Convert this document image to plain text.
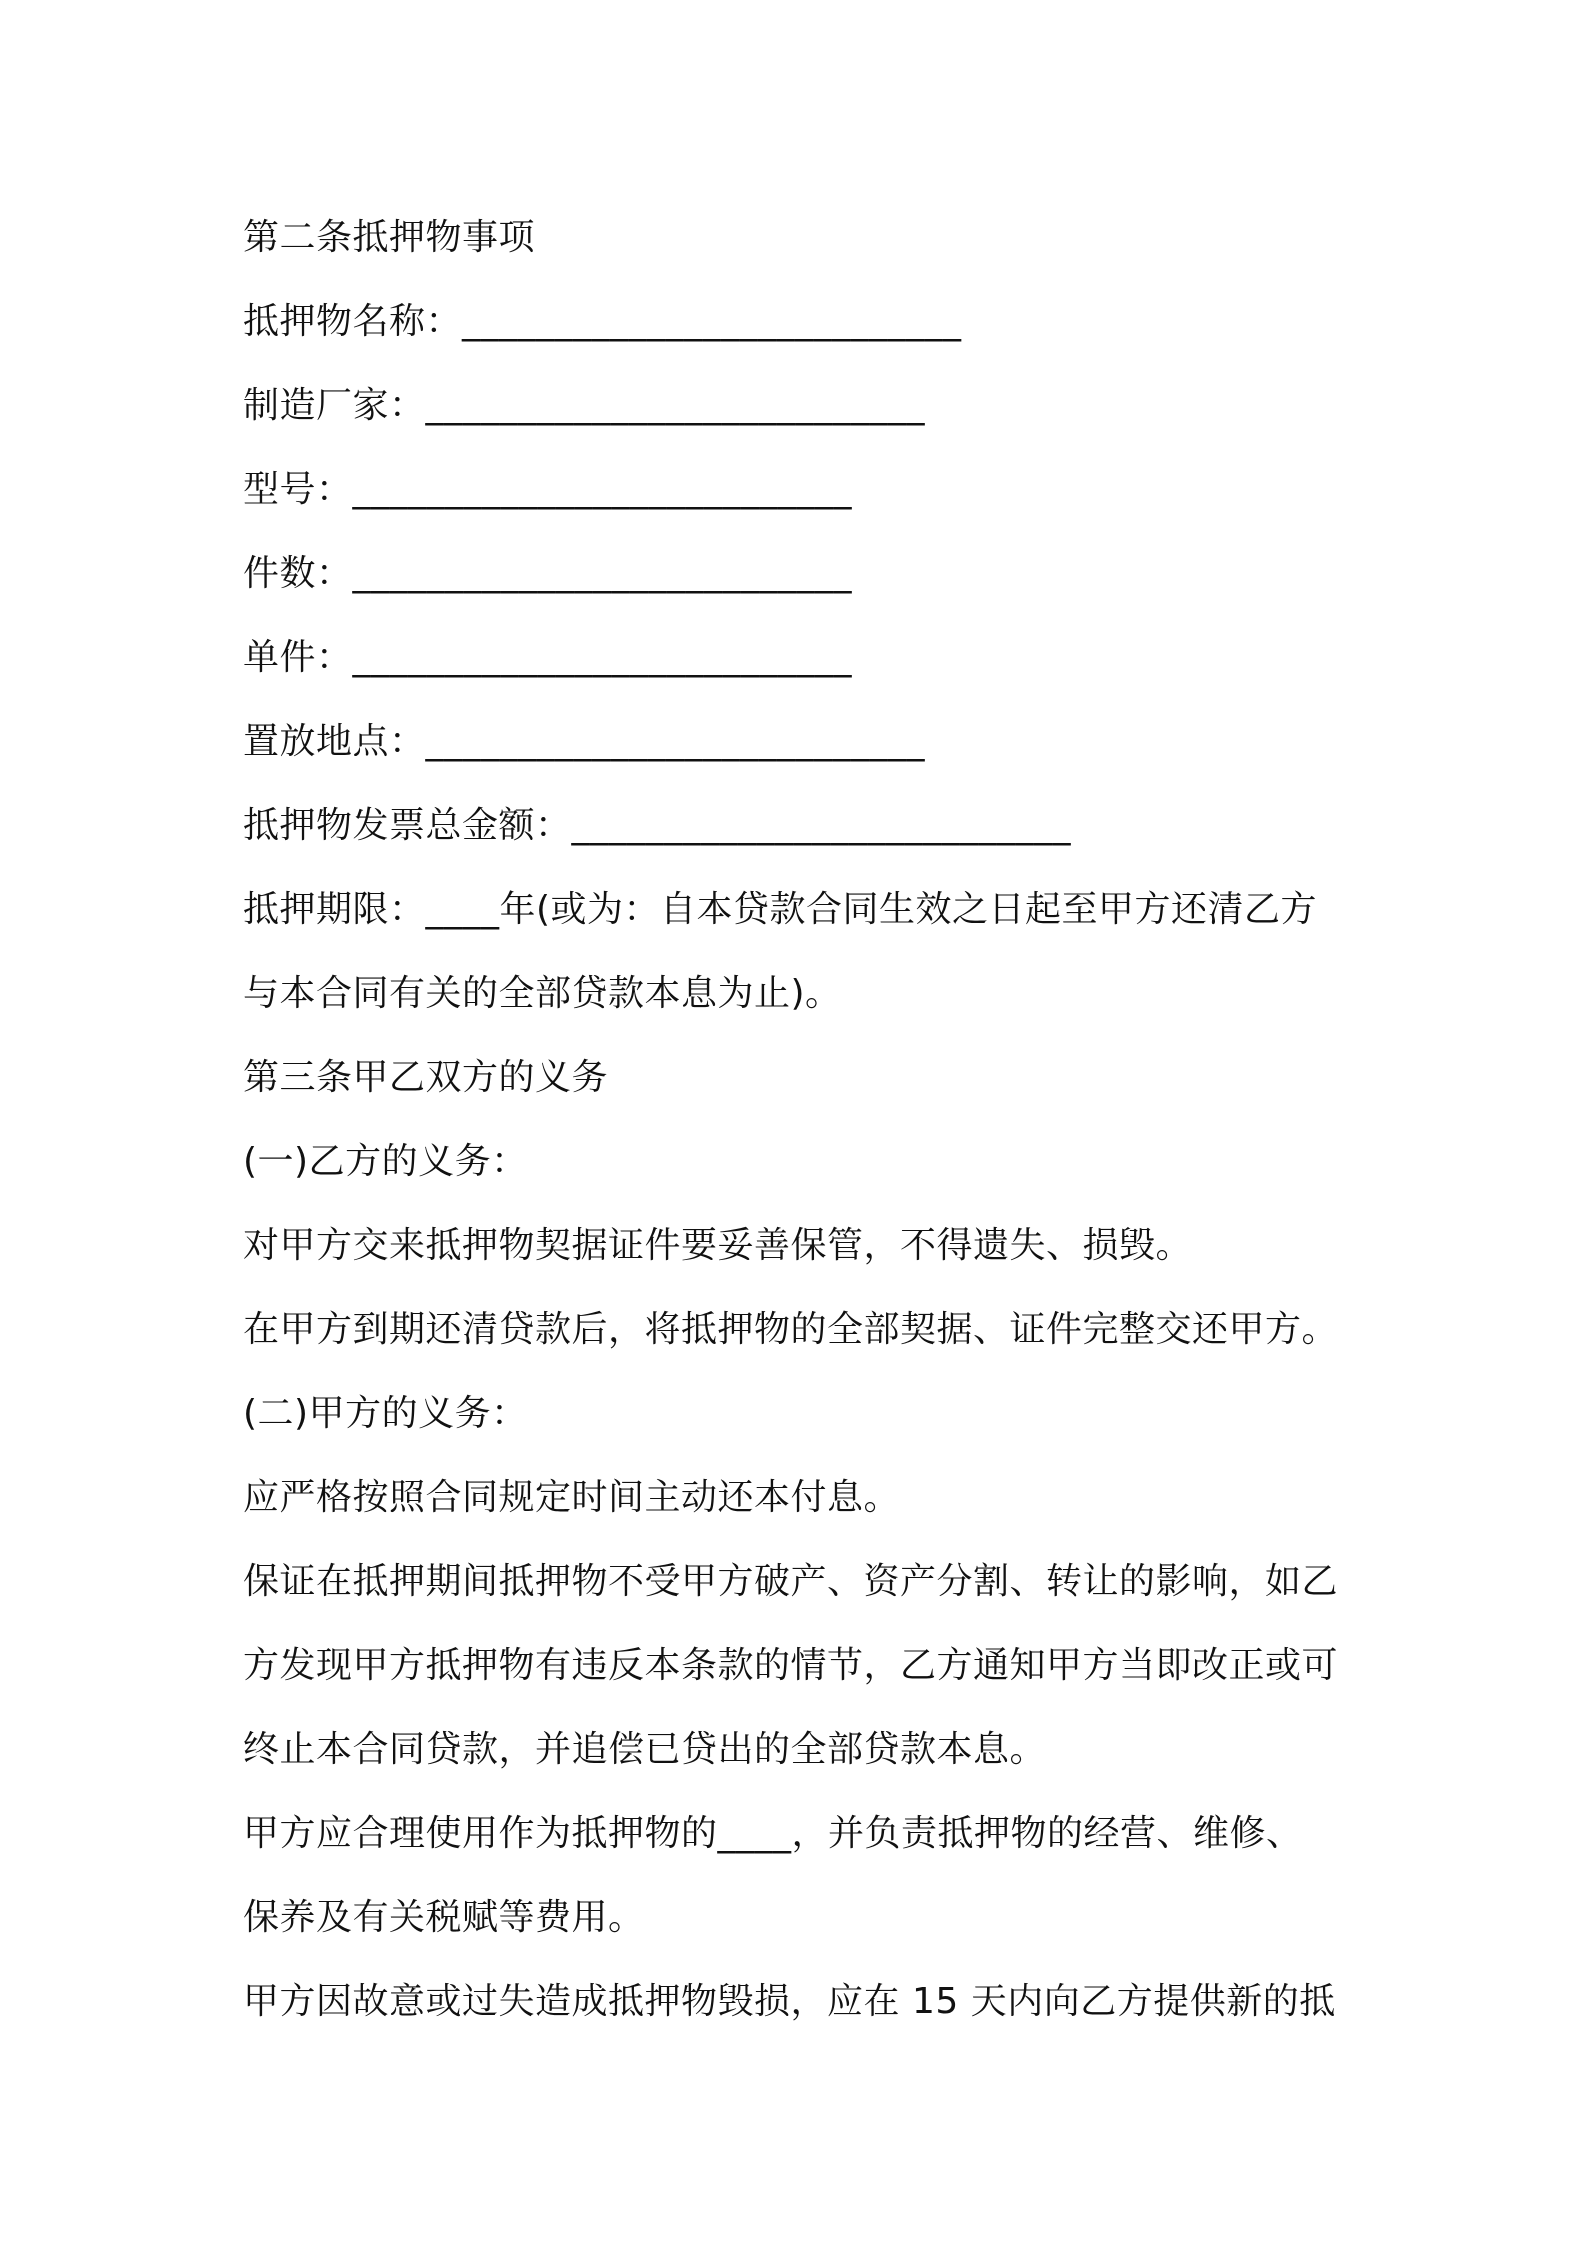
第二条抵押物事项
抵押物名称：___________________________
制造厂家：___________________________
型号：___________________________
件数：___________________________
单件：___________________________
置放地点：___________________________
抵押物发票总金额：___________________________
抵押期限：____年(或为：自本贷款合同生效之日起至甲方还清乙方
与本合同有关的全部贷款本息为止)。
第三条甲乙双方的义务
(一)乙方的义务：
对甲方交来抵押物契据证件要妥善保管，不得遗失、损毁。
在甲方到期还清贷款后，将抵押物的全部契据、证件完整交还甲方。
(二)甲方的义务：
应严格按照合同规定时间主动还本付息。
保证在抵押期间抵押物不受甲方破产、资产分割、转让的影响，如乙
方发现甲方抵押物有违反本条款的情节，乙方通知甲方当即改正或可
终止本合同贷款，并追偿已贷出的全部贷款本息。
甲方应合理使用作为抵押物的____，并负责抵押物的经营、维修、
保养及有关税赋等费用。
甲方因故意或过失造成抵押物毁损，应在 15 天内向乙方提供新的抵
